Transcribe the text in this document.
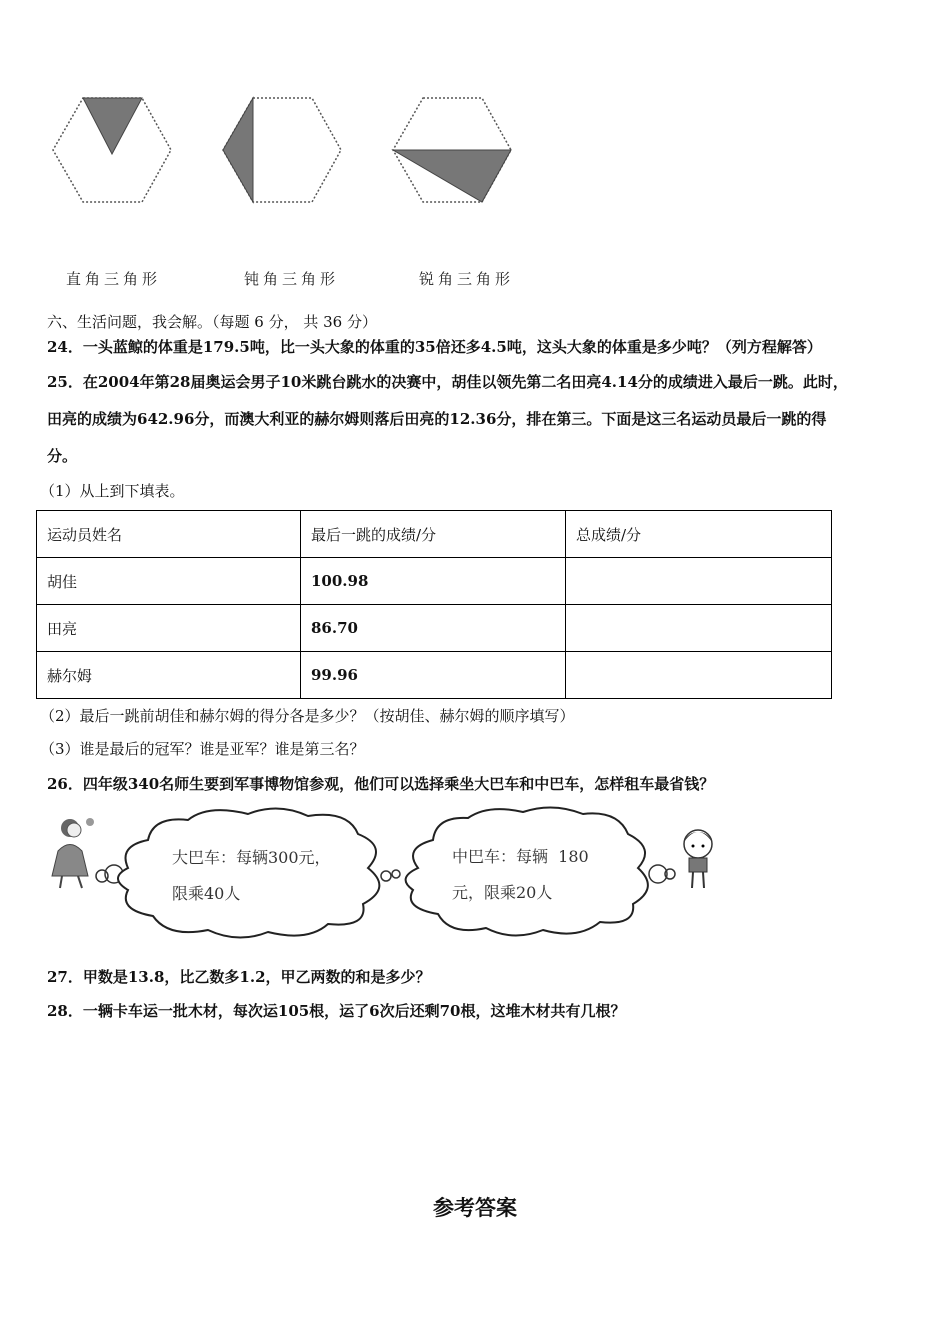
直角三角形	钝角三角形	锐角三角形
六、生活问题，我会解。（每题 6 分， 共 36 分）
24．一头蓝鲸的体重是179.5吨，比一头大象的体重的35倍还多4.5吨，这头大象的体重是多少吨？（列方程解答）
25．在2004年第28届奥运会男子10米跳台跳水的决赛中，胡佳以领先第二名田亮4.14分的成绩进入最后一跳。此时，
田亮的成绩为642.96分，而澳大利亚的赫尔姆则落后田亮的12.36分，排在第三。下面是这三名运动员最后一跳的得
分。
（1）从上到下填表。
运动员姓名	最后一跳的成绩/分	总成绩/分
胡佳	100.98	
田亮	86.70	
赫尔姆	99.96	
（2）最后一跳前胡佳和赫尔姆的得分各是多少？（按胡佳、赫尔姆的顺序填写）
（3）谁是最后的冠军？谁是亚军？谁是第三名？
26．四年级340名师生要到军事博物馆参观，他们可以选择乘坐大巴车和中巴车，怎样租车最省钱？
大巴车：每辆300元，
限乘40人
中巴车：每辆  180
元，限乘20人
27．甲数是13.8，比乙数多1.2，甲乙两数的和是多少？
28．一辆卡车运一批木材，每次运105根，运了6次后还剩70根，这堆木材共有几根？
参考答案
